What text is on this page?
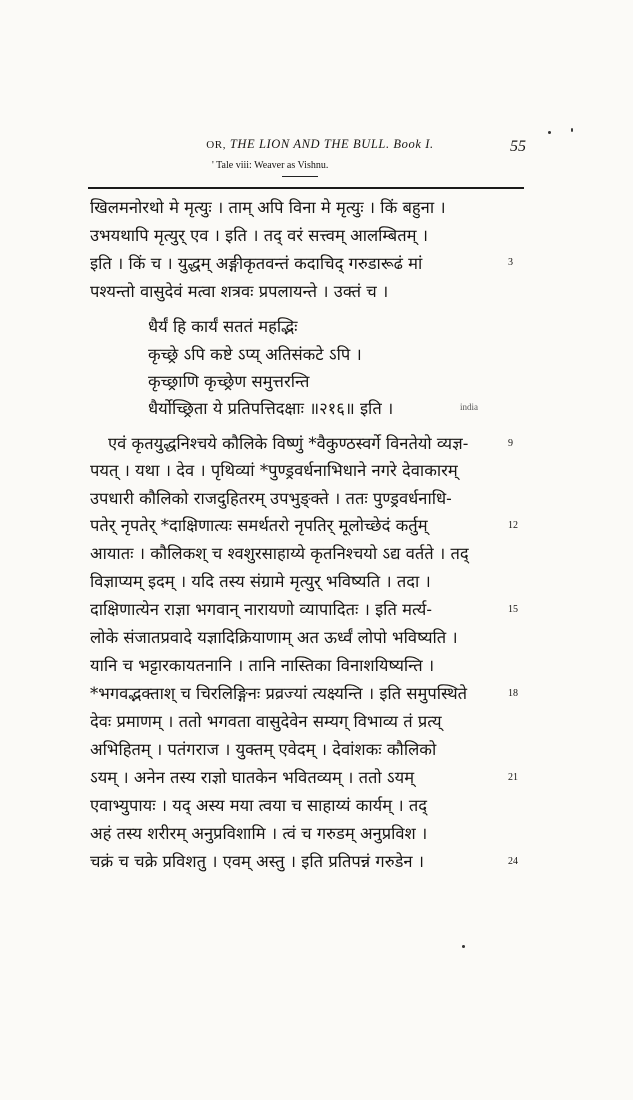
OR, THE LION AND THE BULL. Book I.	55
' Tale viii: Weaver as Vishnu.
खिलमनोरथो मे मृत्युः । ताम् अपि विना मे मृत्युः । किं बहुना ।
उभयथापि मृत्युर् एव । इति । तद् वरं सत्त्वम् आलम्बितम् ।
इति । किं च । युद्धम् अङ्गीकृतवन्तं कदाचिद् गरुडारूढं मां
पश्यन्तो वासुदेवं मत्वा शत्रवः प्रपलायन्ते । उक्तं च ।
3
धैर्यं हि कार्यं सततं महद्भिः
कृच्छ्रे ऽपि कष्टे ऽप्य् अतिसंकटे ऽपि ।
कृच्छ्राणि कृच्छ्रेण समुत्तरन्ति
धैर्योच्छ्रिता ये प्रतिपत्तिदक्षाः ॥२१६॥ इति ।	india
एवं कृतयुद्धनिश्चये कौलिके विष्णुं *वैकुण्ठस्वर्गे विनतेयो व्यज्ञ-	9
पयत् । यथा । देव । पृथिव्यां *पुण्ड्रवर्धनाभिधाने नगरे देवाकारम्
उपधारी कौलिको राजदुहितरम् उपभुङ्क्ते । ततः पुण्ड्रवर्धनाधि-
पतेर् नृपतेर् *दाक्षिणात्यः समर्थतरो नृपतिर् मूलोच्छेदं कर्तुम्	12
आयातः । कौलिकश् च श्वशुरसाहाय्ये कृतनिश्चयो ऽद्य वर्तते । तद्
विज्ञाप्यम् इदम् । यदि तस्य संग्रामे मृत्युर् भविष्यति । तदा ।
दाक्षिणात्येन राज्ञा भगवान् नारायणो व्यापादितः । इति मर्त्य-	15
लोके संजातप्रवादे यज्ञादिक्रियाणाम् अत ऊर्ध्वं लोपो भविष्यति ।
यानि च भट्टारकायतनानि । तानि नास्तिका विनाशयिष्यन्ति ।
*भगवद्भक्ताश् च चिरलिङ्गिनः प्रव्रज्यां त्यक्ष्यन्ति । इति समुपस्थिते	18
देवः प्रमाणम् । ततो भगवता वासुदेवेन सम्यग् विभाव्य तं प्रत्य्
अभिहितम् । पतंगराज । युक्तम् एवेदम् । देवांशकः कौलिको
ऽयम् । अनेन तस्य राज्ञो घातकेन भवितव्यम् । ततो ऽयम्	21
एवाभ्युपायः । यद् अस्य मया त्वया च साहाय्यं कार्यम् । तद्
अहं तस्य शरीरम् अनुप्रविशामि । त्वं च गरुडम् अनुप्रविश ।
चक्रं च चक्रे प्रविशतु । एवम् अस्तु । इति प्रतिपन्नं गरुडेन ।	24
